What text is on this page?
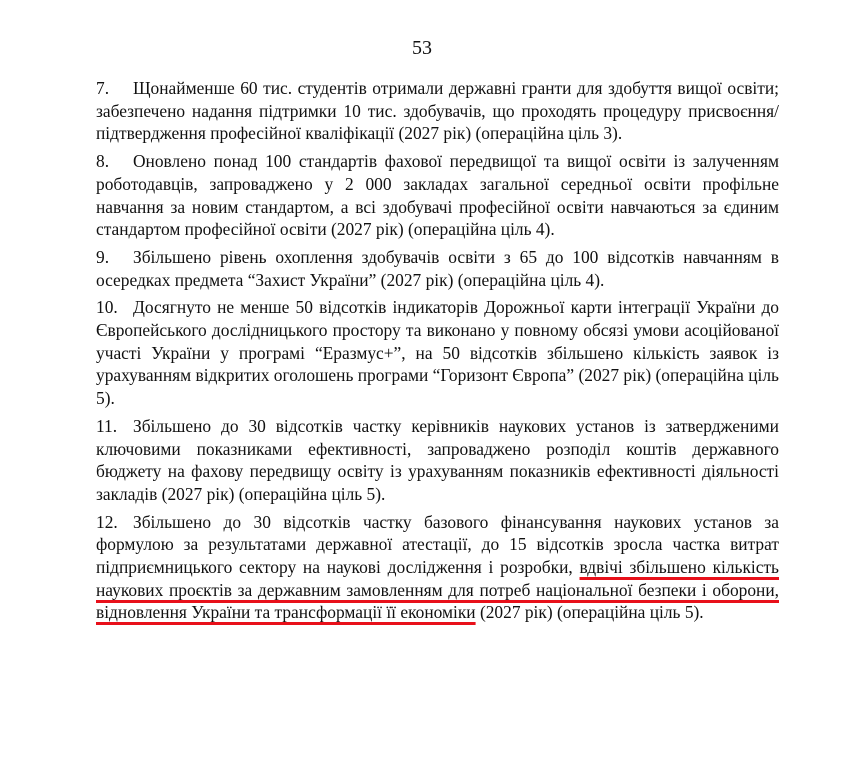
53

7. Щонайменше 60 тис. студентів отримали державні гранти для здобуття вищої освіти; забезпечено надання підтримки 10 тис. здобувачів, що проходять процедуру присвоєння/підтвердження професійної кваліфікації (2027 рік) (операційна ціль 3).

8. Оновлено понад 100 стандартів фахової передвищої та вищої освіти із залученням роботодавців, запроваджено у 2 000 закладах загальної середньої освіти профільне навчання за новим стандартом, а всі здобувачі професійної освіти навчаються за єдиним стандартом професійної освіти (2027 рік) (операційна ціль 4).

9. Збільшено рівень охоплення здобувачів освіти з 65 до 100 відсотків навчанням в осередках предмета “Захист України” (2027 рік) (операційна ціль 4).

10. Досягнуто не менше 50 відсотків індикаторів Дорожньої карти інтеграції України до Європейського дослідницького простору та виконано у повному обсязі умови асоційованої участі України у програмі “Еразмус+”, на 50 відсотків збільшено кількість заявок із урахуванням відкритих оголошень програми “Горизонт Європа” (2027 рік) (операційна ціль 5).

11. Збільшено до 30 відсотків частку керівників наукових установ із затвердженими ключовими показниками ефективності, запроваджено розподіл коштів державного бюджету на фахову передвищу освіту із урахуванням показників ефективності діяльності закладів (2027 рік) (операційна ціль 5).

12. Збільшено до 30 відсотків частку базового фінансування наукових установ за формулою за результатами державної атестації, до 15 відсотків зросла частка витрат підприємницького сектору на наукові дослідження і розробки, вдвічі збільшено кількість наукових проєктів за державним замовленням для потреб національної безпеки і оборони, відновлення України та трансформації її економіки (2027 рік) (операційна ціль 5).
